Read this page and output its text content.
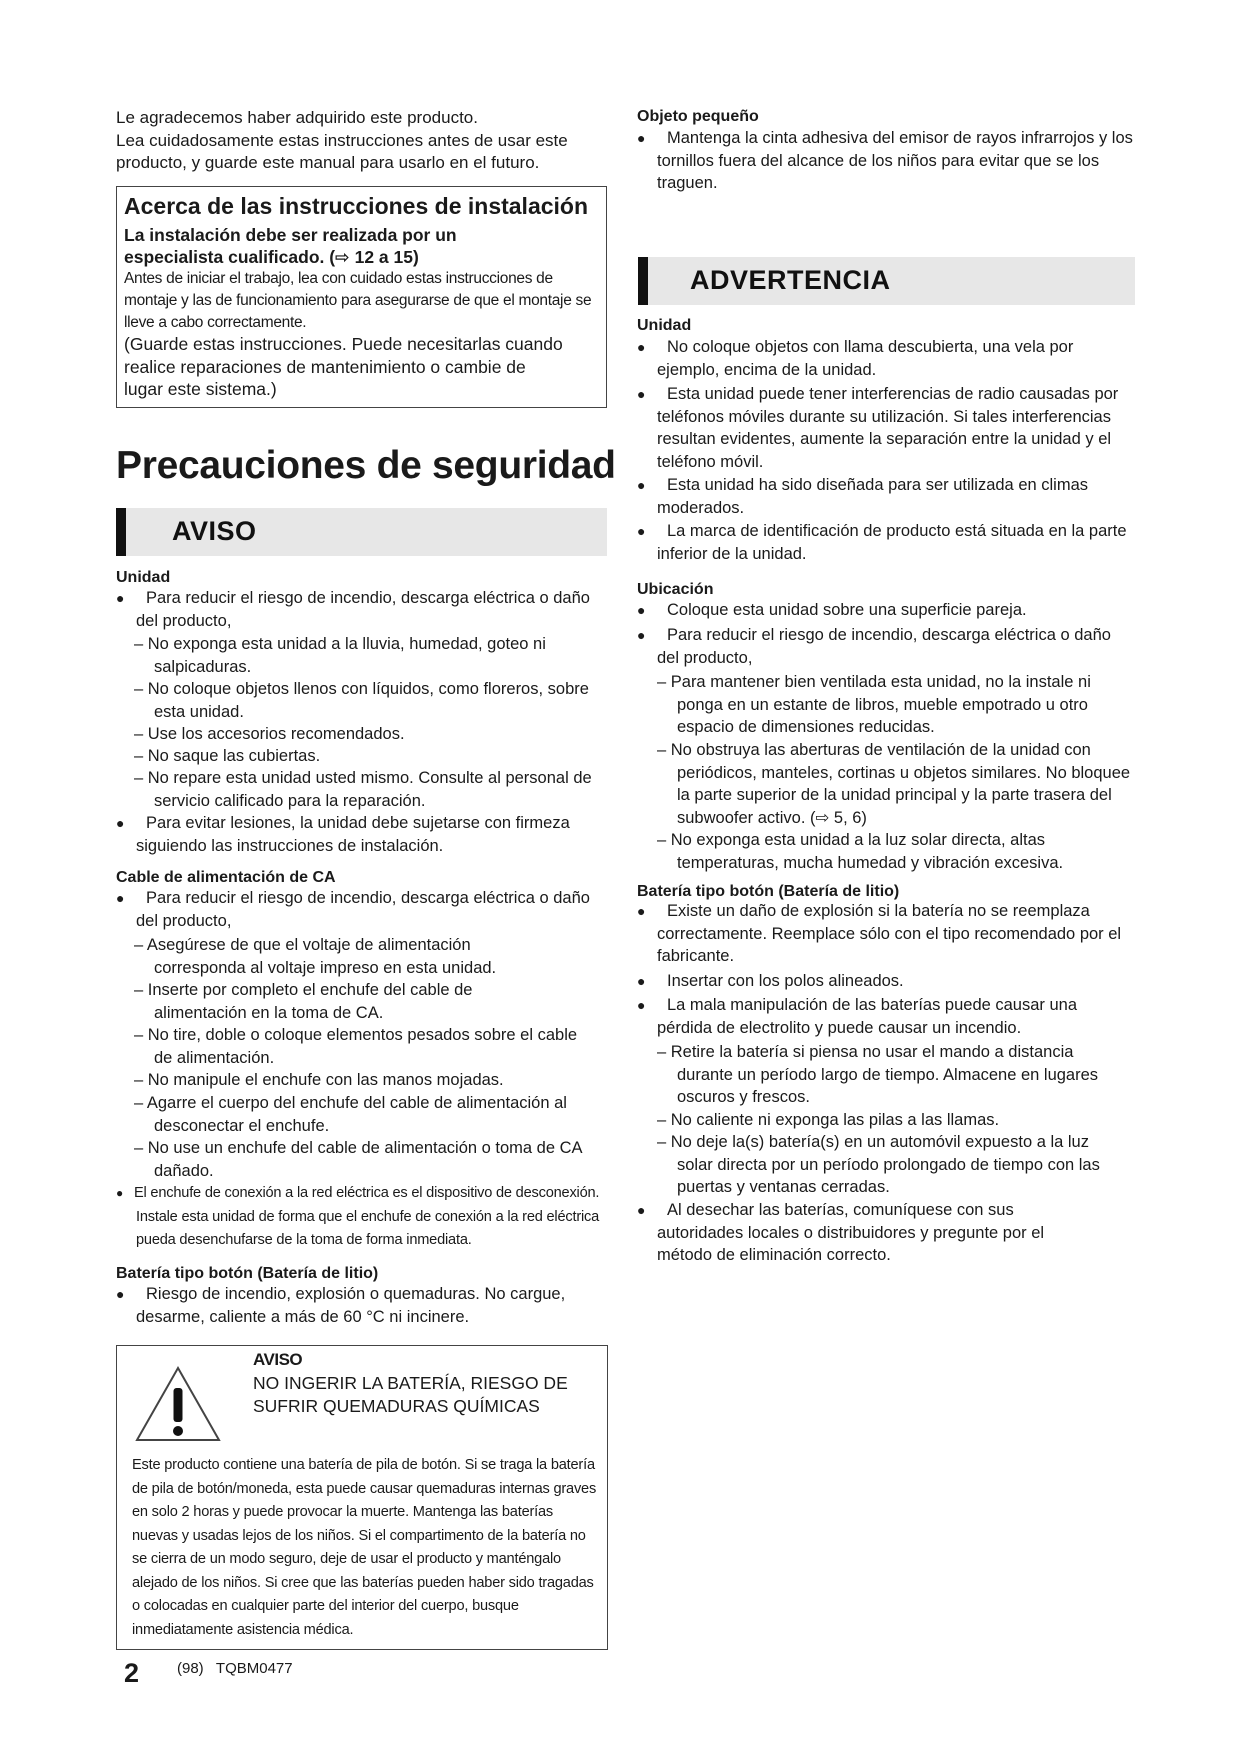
Le agradecemos haber adquirido este producto.
Lea cuidadosamente estas instrucciones antes de usar este producto, y guarde este manual para usarlo en el futuro.
Acerca de las instrucciones de instalación
La instalación debe ser realizada por un especialista cualificado. (⇨ 12 a 15)
Antes de iniciar el trabajo, lea con cuidado estas instrucciones de montaje y las de funcionamiento para asegurarse de que el montaje se lleve a cabo correctamente.
(Guarde estas instrucciones. Puede necesitarlas cuando realice reparaciones de mantenimiento o cambie de lugar este sistema.)
Precauciones de seguridad
AVISO
Unidad
●	Para reducir el riesgo de incendio, descarga eléctrica o daño del producto,
– No exponga esta unidad a la lluvia, humedad, goteo ni salpicaduras.
– No coloque objetos llenos con líquidos, como floreros, sobre esta unidad.
– Use los accesorios recomendados.
– No saque las cubiertas.
– No repare esta unidad usted mismo. Consulte al personal de servicio calificado para la reparación.
●	Para evitar lesiones, la unidad debe sujetarse con firmeza siguiendo las instrucciones de instalación.
Cable de alimentación de CA
●	Para reducir el riesgo de incendio, descarga eléctrica o daño del producto,
– Asegúrese de que el voltaje de alimentación corresponda al voltaje impreso en esta unidad.
– Inserte por completo el enchufe del cable de alimentación en la toma de CA.
– No tire, doble o coloque elementos pesados sobre el cable de alimentación.
– No manipule el enchufe con las manos mojadas.
– Agarre el cuerpo del enchufe del cable de alimentación al desconectar el enchufe.
– No use un enchufe del cable de alimentación o toma de CA dañado.
● El enchufe de conexión a la red eléctrica es el dispositivo de desconexión. Instale esta unidad de forma que el enchufe de conexión a la red eléctrica pueda desenchufarse de la toma de forma inmediata.
Batería tipo botón (Batería de litio)
●	Riesgo de incendio, explosión o quemaduras. No cargue, desarme, caliente a más de 60 °C ni incinere.
AVISO
NO INGERIR LA BATERÍA, RIESGO DE
SUFRIR QUEMADURAS QUÍMICAS
Este producto contiene una batería de pila de botón. Si se traga la batería de pila de botón/moneda, esta puede causar quemaduras internas graves en solo 2 horas y puede provocar la muerte. Mantenga las baterías nuevas y usadas lejos de los niños. Si el compartimento de la batería no se cierra de un modo seguro, deje de usar el producto y manténgalo alejado de los niños. Si cree que las baterías pueden haber sido tragadas o colocadas en cualquier parte del interior del cuerpo, busque inmediatamente asistencia médica.
2	(98)   TQBM0477
Objeto pequeño
●	Mantenga la cinta adhesiva del emisor de rayos infrarrojos y los tornillos fuera del alcance de los niños para evitar que se los traguen.
ADVERTENCIA
Unidad
●	No coloque objetos con llama descubierta, una vela por ejemplo, encima de la unidad.
●	Esta unidad puede tener interferencias de radio causadas por teléfonos móviles durante su utilización. Si tales interferencias resultan evidentes, aumente la separación entre la unidad y el teléfono móvil.
●	Esta unidad ha sido diseñada para ser utilizada en climas moderados.
●	La marca de identificación de producto está situada en la parte inferior de la unidad.
Ubicación
●	Coloque esta unidad sobre una superficie pareja.
●	Para reducir el riesgo de incendio, descarga eléctrica o daño del producto,
– Para mantener bien ventilada esta unidad, no la instale ni ponga en un estante de libros, mueble empotrado u otro espacio de dimensiones reducidas.
– No obstruya las aberturas de ventilación de la unidad con periódicos, manteles, cortinas u objetos similares. No bloquee la parte superior de la unidad principal y la parte trasera del subwoofer activo. (⇨ 5, 6)
– No exponga esta unidad a la luz solar directa, altas temperaturas, mucha humedad y vibración excesiva.
Batería tipo botón (Batería de litio)
●	Existe un daño de explosión si la batería no se reemplaza correctamente. Reemplace sólo con el tipo recomendado por el fabricante.
●	Insertar con los polos alineados.
●	La mala manipulación de las baterías puede causar una pérdida de electrolito y puede causar un incendio.
– Retire la batería si piensa no usar el mando a distancia durante un período largo de tiempo. Almacene en lugares oscuros y frescos.
– No caliente ni exponga las pilas a las llamas.
– No deje la(s) batería(s) en un automóvil expuesto a la luz solar directa por un período prolongado de tiempo con las puertas y ventanas cerradas.
●	Al desechar las baterías, comuníquese con sus autoridades locales o distribuidores y pregunte por el método de eliminación correcto.
